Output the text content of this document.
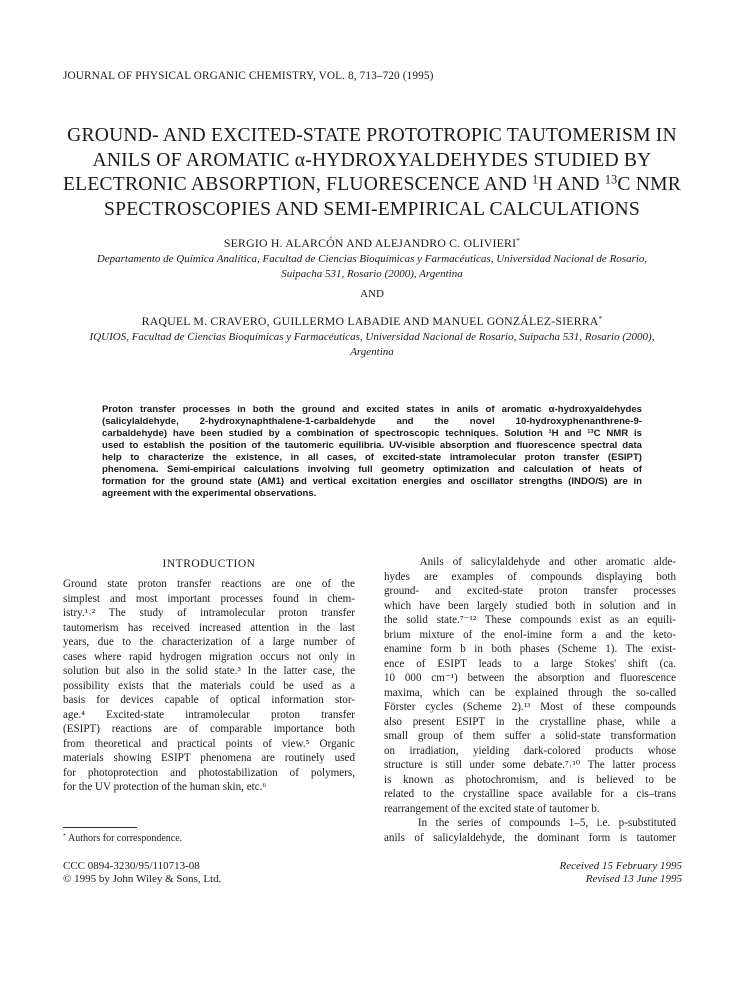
JOURNAL OF PHYSICAL ORGANIC CHEMISTRY, VOL. 8, 713–720 (1995)
GROUND- AND EXCITED-STATE PROTOTROPIC TAUTOMERISM IN
ANILS OF AROMATIC α-HYDROXYALDEHYDES STUDIED BY
ELECTRONIC ABSORPTION, FLUORESCENCE AND $^1$H AND $^{13}$C NMR
SPECTROSCOPIES AND SEMI-EMPIRICAL CALCULATIONS
SERGIO H. ALARCÓN AND ALEJANDRO C. OLIVIERI*
Departamento de Química Analítica, Facultad de Ciencias Bioquímicas y Farmacéuticas, Universidad Nacional de Rosario,
Suipacha 531, Rosario (2000), Argentina
AND
RAQUEL M. CRAVERO, GUILLERMO LABADIE AND MANUEL GONZÁLEZ-SIERRA*
IQUIOS, Facultad de Ciencias Bioquímicas y Farmacéuticas, Universidad Nacional de Rosario, Suipacha 531, Rosario (2000),
Argentina
Proton transfer processes in both the ground and excited states in anils of aromatic α-hydroxyaldehydes
(salicylaldehyde, 2-hydroxynaphthalene-1-carbaldehyde and the novel 10-hydroxyphenanthrene-9-
carbaldehyde) have been studied by a combination of spectroscopic techniques. Solution ¹H and ¹³C NMR is
used to establish the position of the tautomeric equilibria. UV-visible absorption and fluorescence spectral data
help to characterize the existence, in all cases, of excited-state intramolecular proton transfer (ESIPT)
phenomena. Semi-empirical calculations involving full geometry optimization and calculation of heats of
formation for the ground state (AM1) and vertical excitation energies and oscillator strengths (INDO/S) are in
agreement with the experimental observations.
INTRODUCTION
Ground state proton transfer reactions are one of the
simplest and most important processes found in chem-
istry.¹˒² The study of intramolecular proton transfer
tautomerism has received increased attention in the last
years, due to the characterization of a large number of
cases where rapid hydrogen migration occurs not only in
solution but also in the solid state.³ In the latter case, the
possibility exists that the materials could be used as a
basis for devices capable of optical information stor-
age.⁴ Excited-state intramolecular proton transfer
(ESIPT) reactions are of comparable importance both
from theoretical and practical points of view.⁵ Organic
materials showing ESIPT phenomena are routinely used
for photoprotection and photostabilization of polymers,
for the UV protection of the human skin, etc.⁶
Anils of salicylaldehyde and other aromatic alde-
hydes are examples of compounds displaying both
ground- and excited-state proton transfer processes
which have been largely studied both in solution and in
the solid state.⁷⁻¹² These compounds exist as an equili-
brium mixture of the enol-imine form a and the keto-
enamine form b in both phases (Scheme 1). The exist-
ence of ESIPT leads to a large Stokes' shift (ca.
10 000 cm⁻¹) between the absorption and fluorescence
maxima, which can be explained through the so-called
Förster cycles (Scheme 2).¹³ Most of these compounds
also present ESIPT in the crystalline phase, while a
small group of them suffer a solid-state transformation
on irradiation, yielding dark-colored products whose
structure is still under some debate.⁷˒¹⁰ The latter process
is known as photochromism, and is believed to be
related to the crystalline space available for a cis–trans
rearrangement of the excited state of tautomer b.
In the series of compounds 1–5, i.e. p-substituted
anils of salicylaldehyde, the dominant form is tautomer
* Authors for correspondence.
CCC 0894-3230/95/110713-08
© 1995 by John Wiley & Sons, Ltd.
Received 15 February 1995
Revised 13 June 1995
